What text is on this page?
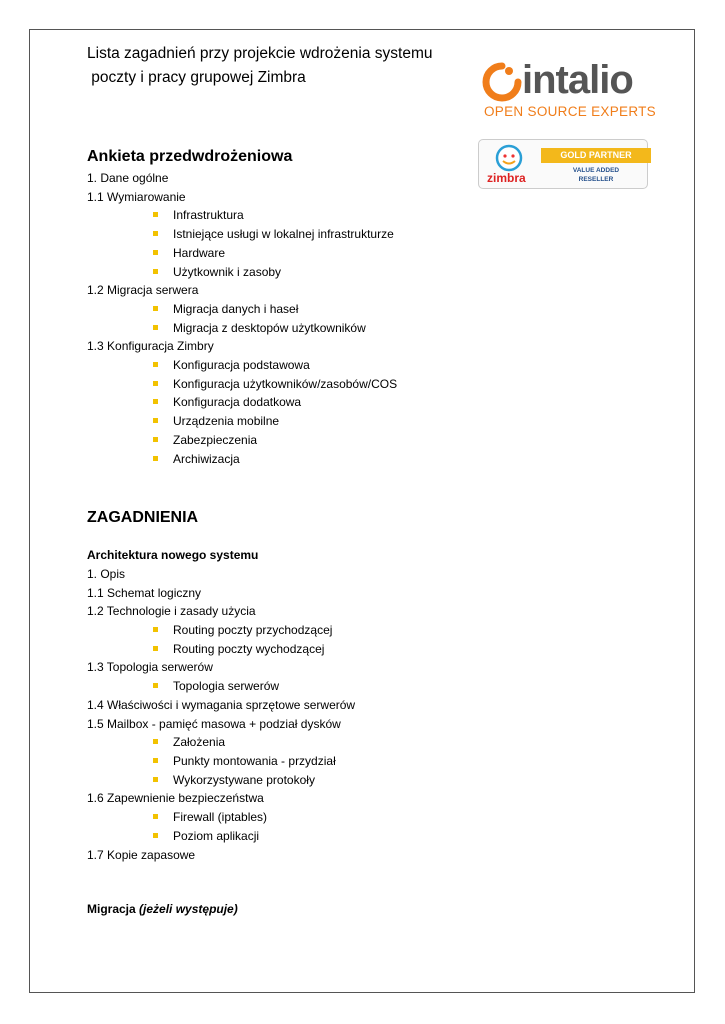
Lista zagadnień przy projekcie wdrożenia systemu
poczty i pracy grupowej Zimbra	intalio
OPEN SOURCE EXPERTS
zimbra
GOLD PARTNER
VALUE ADDED
RESELLER
Ankieta przedwdrożeniowa
1. Dane ogólne
1.1 Wymiarowanie
Infrastruktura
Istniejące usługi w lokalnej infrastrukturze
Hardware
Użytkownik i zasoby
1.2 Migracja serwera
Migracja danych i haseł
Migracja z desktopów użytkowników
1.3 Konfiguracja Zimbry
Konfiguracja podstawowa
Konfiguracja użytkowników/zasobów/COS
Konfiguracja dodatkowa
Urządzenia mobilne
Zabezpieczenia
Archiwizacja
ZAGADNIENIA
Architektura nowego systemu
1. Opis
1.1 Schemat logiczny
1.2 Technologie i zasady użycia
Routing poczty przychodzącej
Routing poczty wychodzącej
1.3 Topologia serwerów
Topologia serwerów
1.4 Właściwości i wymagania sprzętowe serwerów
1.5 Mailbox - pamięć masowa + podział dysków
Założenia
Punkty montowania - przydział
Wykorzystywane protokoły
1.6 Zapewnienie bezpieczeństwa
Firewall (iptables)
Poziom aplikacji
1.7 Kopie zapasowe
Migracja (jeżeli występuje)
